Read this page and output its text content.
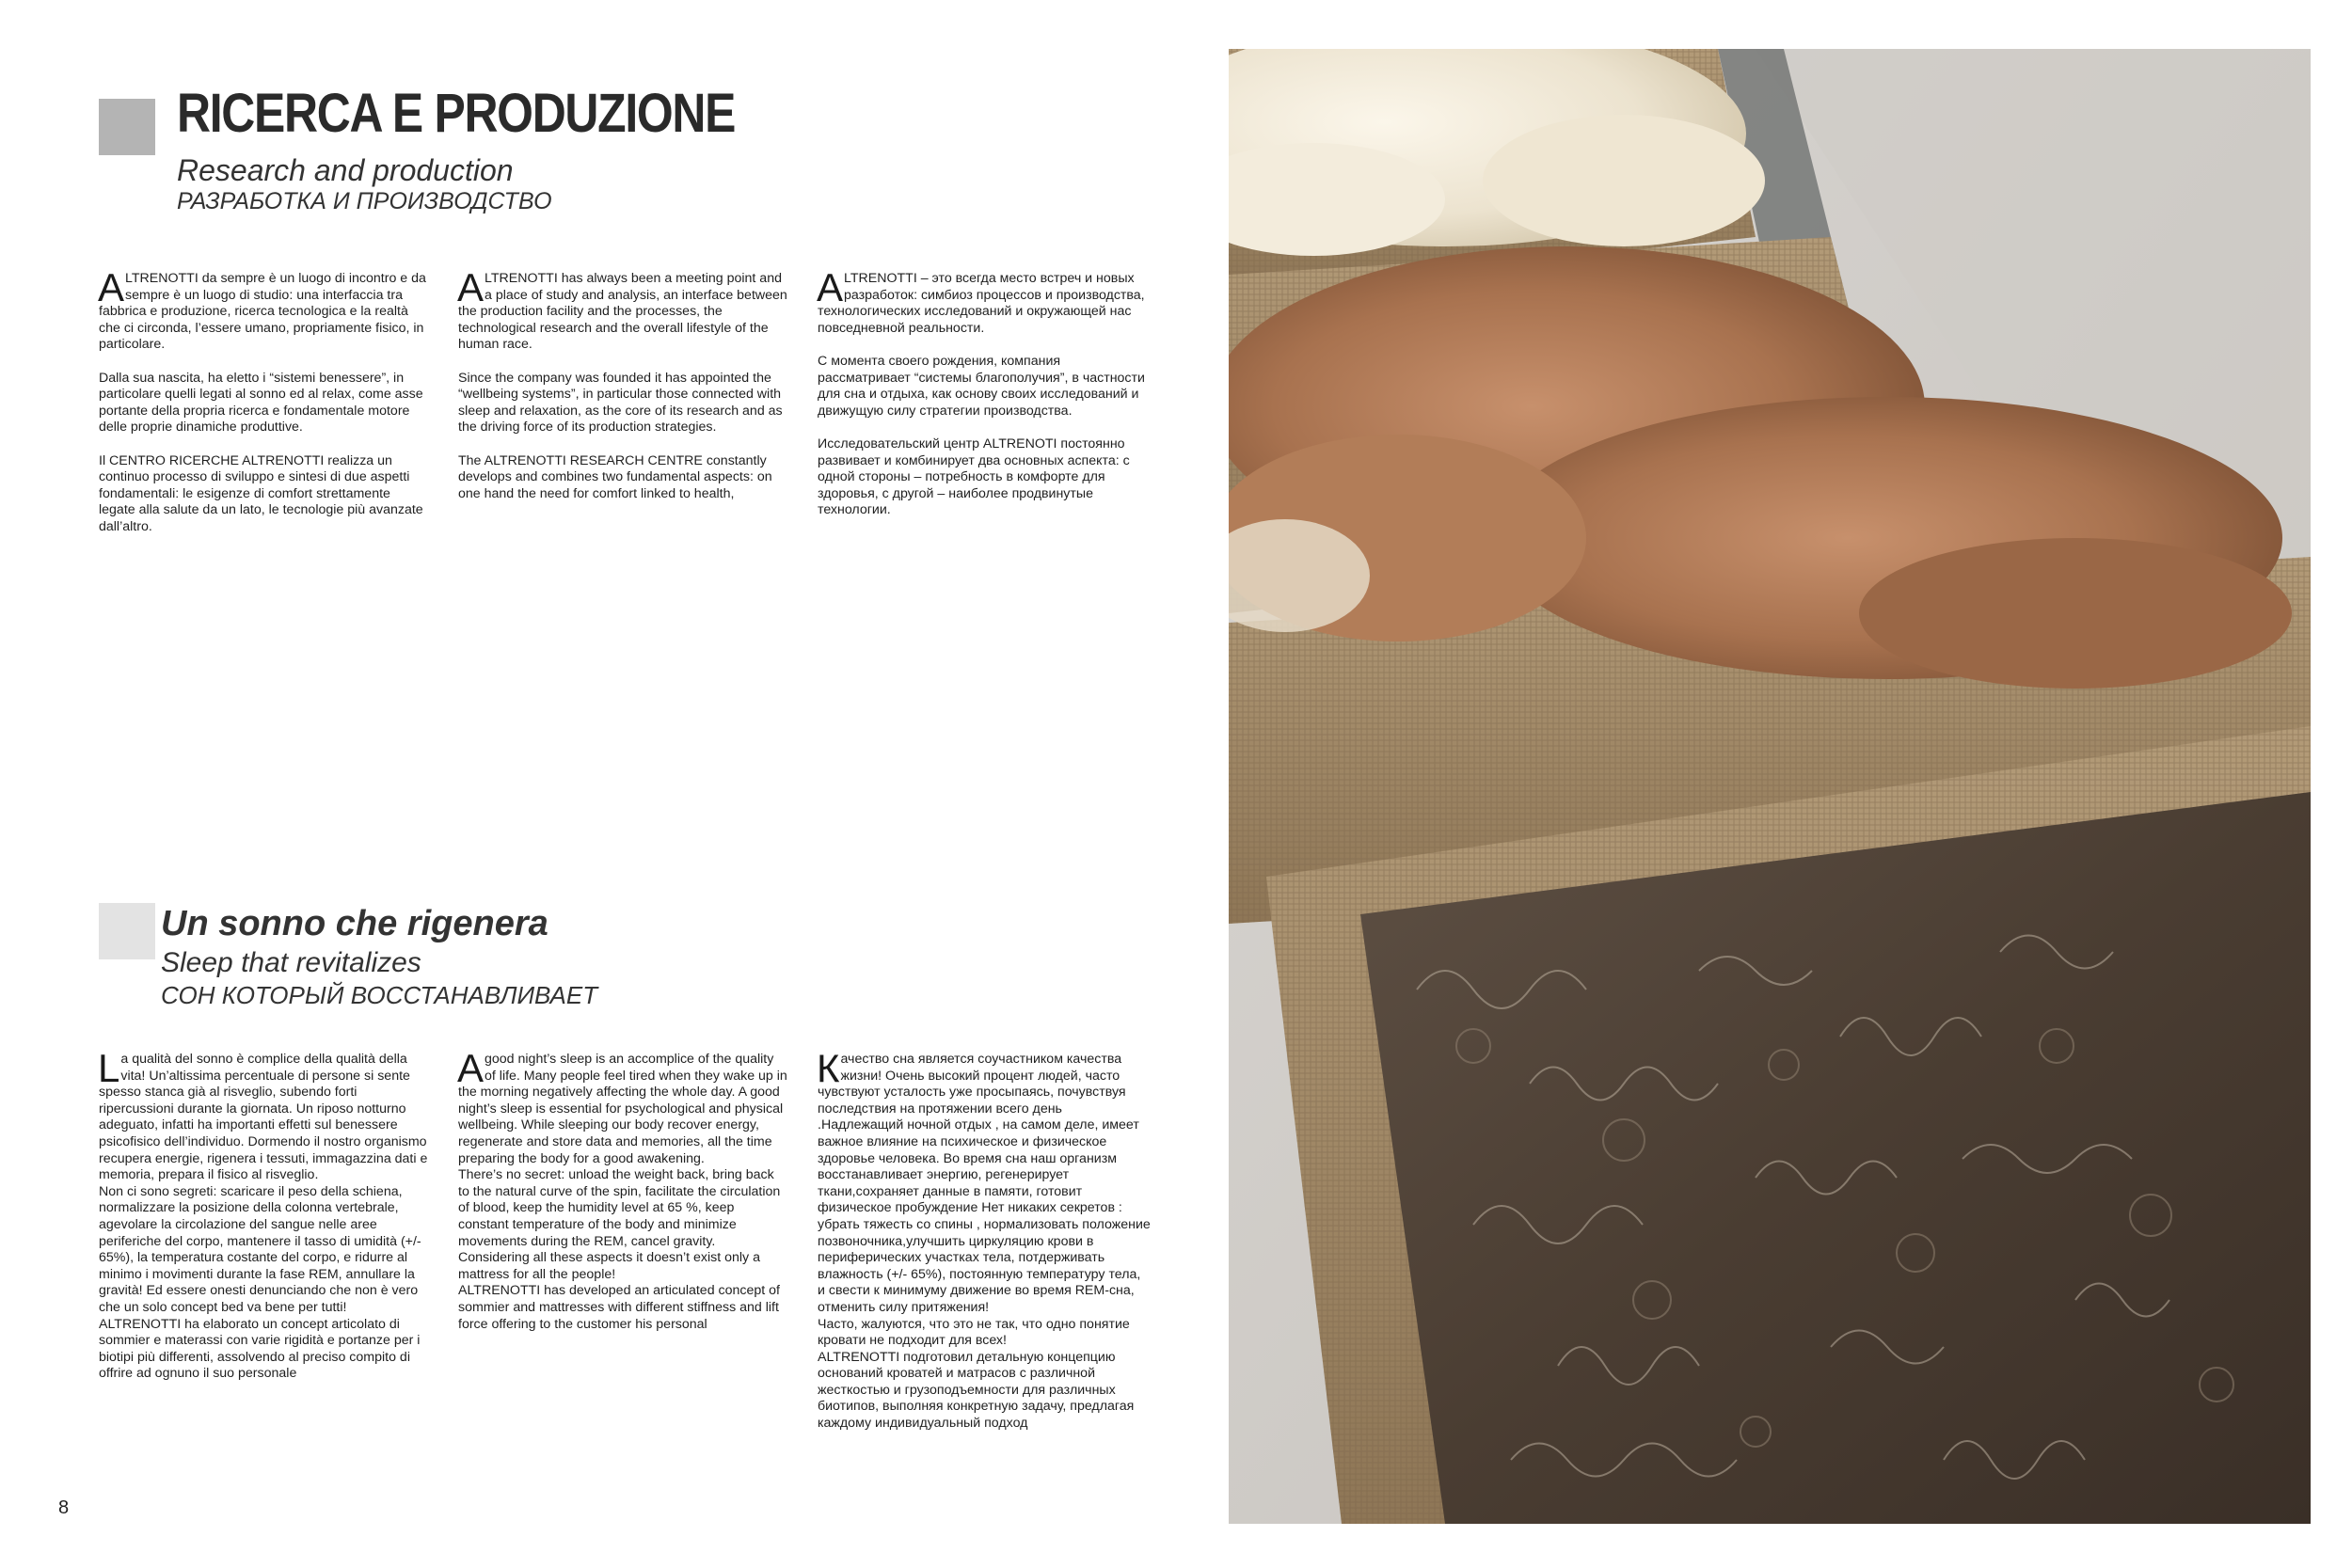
RICERCA E PRODUZIONE
Research and production
РАЗРАБОТКА И ПРОИЗВОДСТВО

ALTRENOTTI da sempre è un luogo di incontro e da sempre è un luogo di studio: una interfaccia tra fabbrica e produzione, ricerca tecnologica e la realtà che ci circonda, l’essere umano, propriamente fisico, in particolare.

Dalla sua nascita, ha eletto i “sistemi benessere”, in particolare quelli legati al sonno ed al relax, come asse portante della propria ricerca e fondamentale motore delle proprie dinamiche produttive.

Il CENTRO RICERCHE ALTRENOTTI realizza un continuo processo di sviluppo e sintesi di due aspetti fondamentali: le esigenze di comfort strettamente legate alla salute da un lato, le tecnologie più avanzate dall’altro.

ALTRENOTTI has always been a meeting point and a place of study and analysis, an interface between the production facility and the processes, the technological research and the overall lifestyle of the human race.

Since the company was founded it has appointed the “wellbeing systems”, in particular those connected with sleep and relaxation, as the core of its research and as the driving force of its production strategies.

The ALTRENOTTI RESEARCH CENTRE constantly develops and combines two fundamental aspects: on one hand the need for comfort linked to health,

ALTRENOTTI – это всегда место встреч и новых разработок: симбиоз процессов и производства, технологических исследований и окружающей нас повседневной реальности.

С момента своего рождения, компания рассматривает “системы благополучия”, в частности для сна и отдыха, как основу своих исследований и движущую силу стратегии производства.

Исследовательский центр ALTRENOTI постоянно развивает и комбинирует два основных аспекта: с одной стороны – потребность в комфорте для здоровья, с другой – наиболее продвинутые технологии.

Un sonno che rigenera
Sleep that revitalizes
СОН КОТОРЫЙ ВОССТАНАВЛИВАЕТ

La qualità del sonno è complice della qualità della vita! Un’altissima percentuale di persone si sente spesso stanca già al risveglio, subendo forti ripercussioni durante la giornata. Un riposo notturno adeguato, infatti ha importanti effetti sul benessere psicofisico dell’individuo. Dormendo il nostro organismo recupera energie, rigenera i tessuti, immagazzina dati e memoria, prepara il fisico al risveglio.

Non ci sono segreti: scaricare il peso della schiena, normalizzare la posizione della colonna vertebrale, agevolare la circolazione del sangue nelle aree periferiche del corpo, mantenere il tasso di umidità (+/- 65%), la temperatura costante del corpo, e ridurre al minimo i movimenti durante la fase REM, annullare la gravità! Ed essere onesti denunciando che non è vero che un solo concept bed va bene per tutti!

ALTRENOTTI ha elaborato un concept articolato di sommier e materassi con varie rigidità e portanze per i biotipi più differenti, assolvendo al preciso compito di offrire ad ognuno il suo personale

A good night’s sleep is an accomplice of the quality of life. Many people feel tired when they wake up in the morning negatively affecting the whole day. A good night’s sleep is essential for psychological and physical wellbeing. While sleeping our body recover energy, regenerate and store data and memories, all the time preparing the body for a good awakening.

There’s no secret: unload the weight back, bring back to the natural curve of the spin, facilitate the circulation of blood, keep the humidity level at 65 %, keep constant temperature of the body and minimize movements during the REM, cancel gravity. Considering all these aspects it doesn’t exist only a mattress for all the people!

ALTRENOTTI has developed an articulated concept of sommier and mattresses with different stiffness and lift force offering to the customer his personal

Качество сна является соучастником качества жизни! Очень высокий процент людей, часто чувствуют усталость уже просыпаясь, почувствуя последствия на протяжении всего день .Надлежащий ночной отдых , на самом деле, имеет важное влияние на психическое и физическое здоровье человека. Во время сна наш организм восстанавливает энергию, регенерирует ткани,сохраняет данные в памяти, готовит физическое пробуждение Нет никаких секретов : убрать тяжесть со спины , нормализовать положение позвоночника,улучшить циркуляцию крови в периферических участках тела, потдерживать влажность (+/- 65%), постоянную температуру тела, и свести к минимуму движение во время REM-сна, отменить силу притяжения!

Часто, жалуются, что это не так, что одно понятие кровати не подходит для всех!

ALTRENOTTI подготовил детальную концепцию оснований кроватей и матрасов с различной жесткостью и грузоподъемности для различных биотипов, выполняя конкретную задачу, предлагая каждому индивидуальный подход

8
